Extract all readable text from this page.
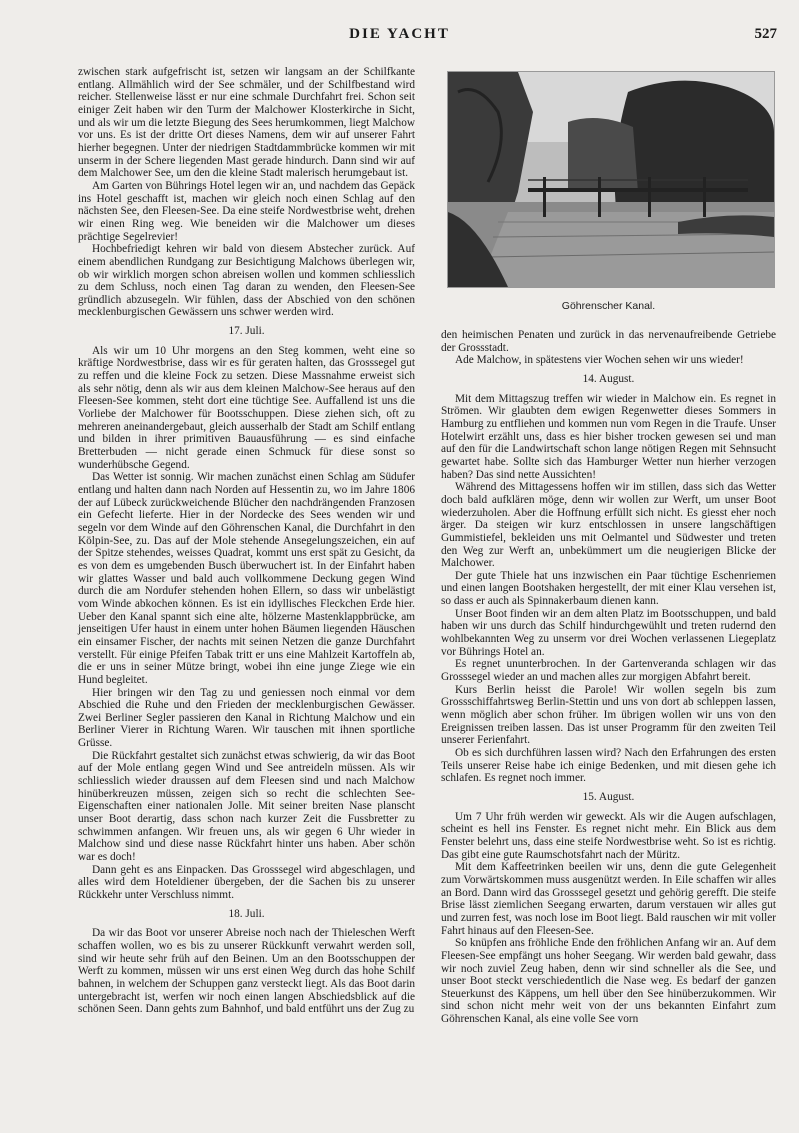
DIE YACHT	527

zwischen stark aufgefrischt ist, setzen wir langsam an der Schilfkante entlang. Allmählich wird der See schmäler, und der Schilfbestand wird reicher. Stellenweise lässt er nur eine schmale Durchfahrt frei. Schon seit einiger Zeit haben wir den Turm der Malchower Klosterkirche in Sicht, und als wir um die letzte Biegung des Sees herumkommen, liegt Malchow vor uns. Es ist der dritte Ort dieses Namens, dem wir auf unserer Fahrt hierher begegnen. Unter der niedrigen Stadtdammbrücke kommen wir mit unserm in der Schere liegenden Mast gerade hindurch. Dann sind wir auf dem Malchower See, um den die kleine Stadt malerisch herumgebaut ist.

Am Garten von Bührings Hotel legen wir an, und nachdem das Gepäck ins Hotel geschafft ist, machen wir gleich noch einen Schlag auf den nächsten See, den Fleesen-See. Da eine steife Nordwestbrise weht, drehen wir einen Ring weg. Wie beneiden wir die Malchower um dieses prächtige Segelrevier!

Hochbefriedigt kehren wir bald von diesem Abstecher zurück. Auf einem abendlichen Rundgang zur Besichtigung Malchows überlegen wir, ob wir wirklich morgen schon abreisen wollen und kommen schliesslich zu dem Schluss, noch einen Tag daran zu wenden, den Fleesen-See gründlich abzusegeln. Wir fühlen, dass der Abschied von den schönen mecklenburgischen Gewässern uns schwer werden wird.

17. Juli.

Als wir um 10 Uhr morgens an den Steg kommen, weht eine so kräftige Nordwestbrise, dass wir es für geraten halten, das Grosssegel gut zu reffen und die kleine Fock zu setzen. Diese Massnahme erweist sich als sehr nötig, denn als wir aus dem kleinen Malchow-See heraus auf den Fleesen-See kommen, steht dort eine tüchtige See. Auffallend ist uns die Vorliebe der Malchower für Bootsschuppen. Diese ziehen sich, oft zu mehreren aneinandergebaut, gleich ausserhalb der Stadt am Schilf entlang und bilden in ihrer primitiven Bauausführung — es sind einfache Bretterbuden — nicht gerade einen Schmuck für diese sonst so wunderhübsche Gegend.

Das Wetter ist sonnig. Wir machen zunächst einen Schlag am Südufer entlang und halten dann nach Norden auf Hessentin zu, wo im Jahre 1806 der auf Lübeck zurückweichende Blücher den nachdrängenden Franzosen ein Gefecht lieferte. Hier in der Nordecke des Sees wenden wir und segeln vor dem Winde auf den Göhrenschen Kanal, die Durchfahrt in den Kölpin-See, zu. Das auf der Mole stehende Ansegelungszeichen, ein auf der Spitze stehendes, weisses Quadrat, kommt uns erst spät zu Gesicht, da es von dem es umgebenden Busch überwuchert ist. In der Einfahrt haben wir glattes Wasser und bald auch vollkommene Deckung gegen Wind durch die am Nordufer stehenden hohen Ellern, so dass wir unbelästigt vom Winde abkochen können. Es ist ein idyllisches Fleckchen Erde hier. Ueber den Kanal spannt sich eine alte, hölzerne Mastenklappbrücke, am jenseitigen Ufer haust in einem unter hohen Bäumen liegenden Häuschen ein einsamer Fischer, der nachts mit seinen Netzen die ganze Durchfahrt verstellt. Für einige Pfeifen Tabak tritt er uns eine Mahlzeit Kartoffeln ab, die er uns in seiner Mütze bringt, wobei ihn eine junge Ziege wie ein Hund begleitet.

Hier bringen wir den Tag zu und geniessen noch einmal vor dem Abschied die Ruhe und den Frieden der mecklenburgischen Gewässer. Zwei Berliner Segler passieren den Kanal in Richtung Malchow und ein Berliner Vierer in Richtung Waren. Wir tauschen mit ihnen sportliche Grüsse.

Die Rückfahrt gestaltet sich zunächst etwas schwierig, da wir das Boot auf der Mole entlang gegen Wind und See antreideln müssen. Als wir schliesslich wieder draussen auf dem Fleesen sind und nach Malchow hinüberkreuzen müssen, zeigen sich so recht die schlechten See-Eigenschaften einer nationalen Jolle. Mit seiner breiten Nase planscht unser Boot derartig, dass schon nach kurzer Zeit die Fussbretter zu schwimmen anfangen. Wir freuen uns, als wir gegen 6 Uhr wieder in Malchow sind und diese nasse Rückfahrt hinter uns haben. Aber schön war es doch!

Dann geht es ans Einpacken. Das Grosssegel wird abgeschlagen, und alles wird dem Hoteldiener übergeben, der die Sachen bis zu unserer Rückkehr unter Verschluss nimmt.

18. Juli.

Da wir das Boot vor unserer Abreise noch nach der Thieleschen Werft schaffen wollen, wo es bis zu unserer Rückkunft verwahrt werden soll, sind wir heute sehr früh auf den Beinen. Um an den Bootsschuppen der Werft zu kommen, müssen wir uns erst einen Weg durch das hohe Schilf bahnen, in welchem der Schuppen ganz versteckt liegt. Als das Boot darin untergebracht ist, werfen wir noch einen langen Abschiedsblick auf die schönen Seen. Dann gehts zum Bahnhof, und bald entführt uns der Zug zu

Göhrenscher Kanal.

den heimischen Penaten und zurück in das nervenaufreibende Getriebe der Grossstadt.

Ade Malchow, in spätestens vier Wochen sehen wir uns wieder!

14. August.

Mit dem Mittagszug treffen wir wieder in Malchow ein. Es regnet in Strömen. Wir glaubten dem ewigen Regenwetter dieses Sommers in Hamburg zu entfliehen und kommen nun vom Regen in die Traufe. Unser Hotelwirt erzählt uns, dass es hier bisher trocken gewesen sei und man auf den für die Landwirtschaft schon lange nötigen Regen mit Sehnsucht gewartet habe. Sollte sich das Hamburger Wetter nun hierher verzogen haben? Das sind nette Aussichten!

Während des Mittagessens hoffen wir im stillen, dass sich das Wetter doch bald aufklären möge, denn wir wollen zur Werft, um unser Boot wiederzuholen. Aber die Hoffnung erfüllt sich nicht. Es giesst eher noch ärger. Da steigen wir kurz entschlossen in unsere langschäftigen Gummistiefel, bekleiden uns mit Oelmantel und Südwester und treten den Weg zur Werft an, unbekümmert um die neugierigen Blicke der Malchower.

Der gute Thiele hat uns inzwischen ein Paar tüchtige Eschenriemen und einen langen Bootshaken hergestellt, der mit einer Klau versehen ist, so dass er auch als Spinnakerbaum dienen kann.

Unser Boot finden wir an dem alten Platz im Bootsschuppen, und bald haben wir uns durch das Schilf hindurchgewühlt und treten rudernd den wohlbekannten Weg zu unserm vor drei Wochen verlassenen Liegeplatz vor Bührings Hotel an.

Es regnet ununterbrochen. In der Gartenveranda schlagen wir das Grosssegel wieder an und machen alles zur morgigen Abfahrt bereit.

Kurs Berlin heisst die Parole! Wir wollen segeln bis zum Grossschiffahrtsweg Berlin-Stettin und uns von dort ab schleppen lassen, wenn möglich aber schon früher. Im übrigen wollen wir uns von den Ereignissen treiben lassen. Das ist unser Programm für den zweiten Teil unserer Ferienfahrt.

Ob es sich durchführen lassen wird? Nach den Erfahrungen des ersten Teils unserer Reise habe ich einige Bedenken, und mit diesen gehe ich schlafen. Es regnet noch immer.

15. August.

Um 7 Uhr früh werden wir geweckt. Als wir die Augen aufschlagen, scheint es hell ins Fenster. Es regnet nicht mehr. Ein Blick aus dem Fenster belehrt uns, dass eine steife Nordwestbrise weht. So ist es richtig. Das gibt eine gute Raumschotsfahrt nach der Müritz.

Mit dem Kaffeetrinken beeilen wir uns, denn die gute Gelegenheit zum Vorwärtskommen muss ausgenützt werden. In Eile schaffen wir alles an Bord. Dann wird das Grosssegel gesetzt und gehörig gerefft. Die steife Brise lässt ziemlichen Seegang erwarten, darum verstauen wir alles gut und zurren fest, was noch lose im Boot liegt. Bald rauschen wir mit voller Fahrt hinaus auf den Fleesen-See.

So knüpfen ans fröhliche Ende den fröhlichen Anfang wir an. Auf dem Fleesen-See empfängt uns hoher Seegang. Wir werden bald gewahr, dass wir noch zuviel Zeug haben, denn wir sind schneller als die See, und unser Boot steckt verschiedentlich die Nase weg. Es bedarf der ganzen Steuerkunst des Käppens, um hell über den See hinüberzukommen. Wir sind schon nicht mehr weit von der uns bekannten Einfahrt zum Göhrenschen Kanal, als eine volle See vorn
